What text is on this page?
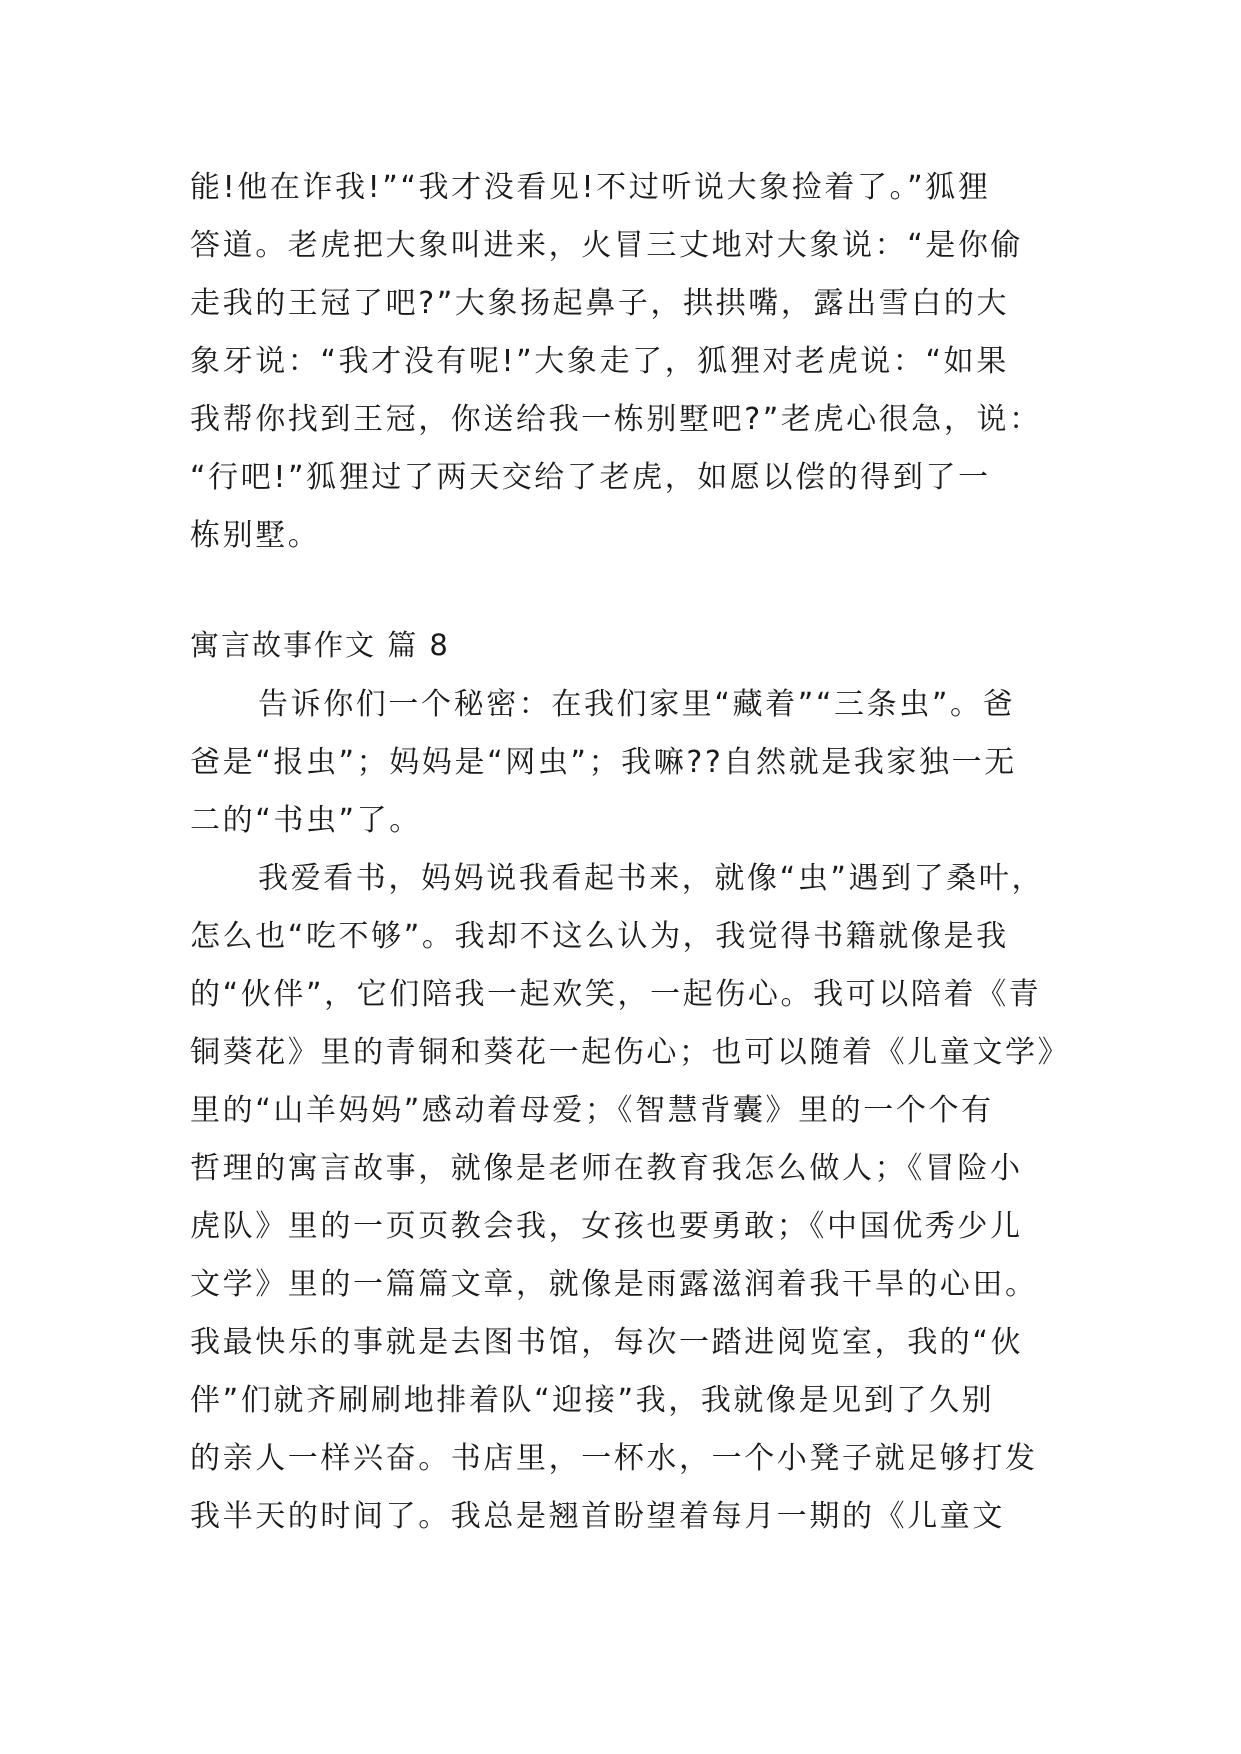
能!他在诈我!”“我才没看见!不过听说大象捡着了。”狐狸
答道。老虎把大象叫进来，火冒三丈地对大象说：“是你偷
走我的王冠了吧?”大象扬起鼻子，拱拱嘴，露出雪白的大
象牙说：“我才没有呢!”大象走了，狐狸对老虎说：“如果
我帮你找到王冠，你送给我一栋别墅吧?”老虎心很急，说：
“行吧!”狐狸过了两天交给了老虎，如愿以偿的得到了一
栋别墅。
寓言故事作文 篇 8
告诉你们一个秘密：在我们家里“藏着”“三条虫”。爸
爸是“报虫”；妈妈是“网虫”；我嘛??自然就是我家独一无
二的“书虫”了。
我爱看书，妈妈说我看起书来，就像“虫”遇到了桑叶，
怎么也“吃不够”。我却不这么认为，我觉得书籍就像是我
的“伙伴”，它们陪我一起欢笑，一起伤心。我可以陪着《青
铜葵花》里的青铜和葵花一起伤心；也可以随着《儿童文学》
里的“山羊妈妈”感动着母爱；《智慧背囊》里的一个个有
哲理的寓言故事，就像是老师在教育我怎么做人；《冒险小
虎队》里的一页页教会我，女孩也要勇敢；《中国优秀少儿
文学》里的一篇篇文章，就像是雨露滋润着我干旱的心田。
我最快乐的事就是去图书馆，每次一踏进阅览室，我的“伙
伴”们就齐刷刷地排着队“迎接”我，我就像是见到了久别
的亲人一样兴奋。书店里，一杯水，一个小凳子就足够打发
我半天的时间了。我总是翘首盼望着每月一期的《儿童文
